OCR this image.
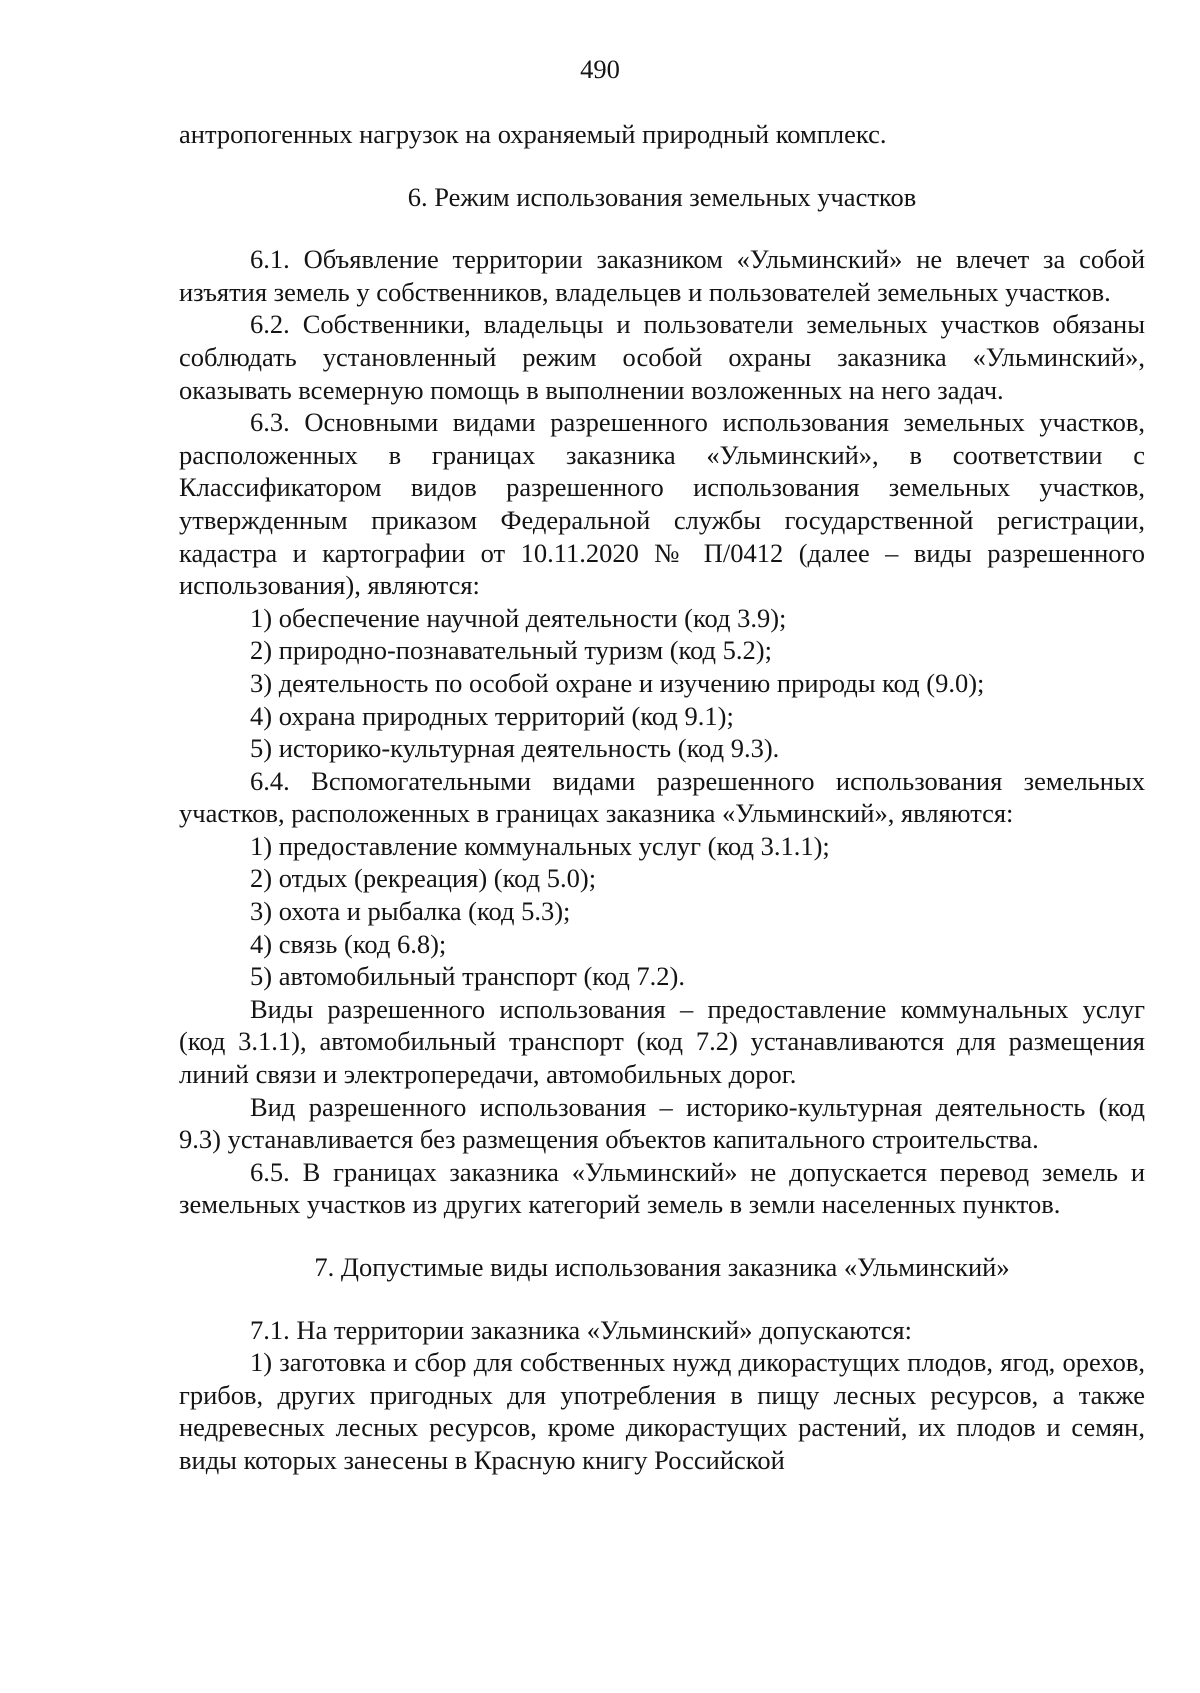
490

антропогенных нагрузок на охраняемый природный комплекс.

6. Режим использования земельных участков

6.1. Объявление территории заказником «Ульминский» не влечет за собой изъятия земель у собственников, владельцев и пользователей земельных участков.

6.2. Собственники, владельцы и пользователи земельных участков обязаны соблюдать установленный режим особой охраны заказника «Ульминский», оказывать всемерную помощь в выполнении возложенных на него задач.

6.3. Основными видами разрешенного использования земельных участков, расположенных в границах заказника «Ульминский», в соответствии с Классификатором видов разрешенного использования земельных участков, утвержденным приказом Федеральной службы государственной регистрации, кадастра и картографии от 10.11.2020 № П/0412 (далее – виды разрешенного использования), являются:

1) обеспечение научной деятельности (код 3.9);

2) природно-познавательный туризм (код 5.2);

3) деятельность по особой охране и изучению природы код (9.0);

4) охрана природных территорий (код 9.1);

5) историко-культурная деятельность (код 9.3).

6.4. Вспомогательными видами разрешенного использования земельных участков, расположенных в границах заказника «Ульминский», являются:

1) предоставление коммунальных услуг (код 3.1.1);

2) отдых (рекреация) (код 5.0);

3) охота и рыбалка (код 5.3);

4) связь (код 6.8);

5) автомобильный транспорт (код 7.2).

Виды разрешенного использования – предоставление коммунальных услуг (код 3.1.1), автомобильный транспорт (код 7.2) устанавливаются для размещения линий связи и электропередачи, автомобильных дорог.

Вид разрешенного использования – историко-культурная деятельность (код 9.3) устанавливается без размещения объектов капитального строительства.

6.5. В границах заказника «Ульминский» не допускается перевод земель и земельных участков из других категорий земель в земли населенных пунктов.

7. Допустимые виды использования заказника «Ульминский»

7.1. На территории заказника «Ульминский» допускаются:

1) заготовка и сбор для собственных нужд дикорастущих плодов, ягод, орехов, грибов, других пригодных для употребления в пищу лесных ресурсов, а также недревесных лесных ресурсов, кроме дикорастущих растений, их плодов и семян, виды которых занесены в Красную книгу Российской
